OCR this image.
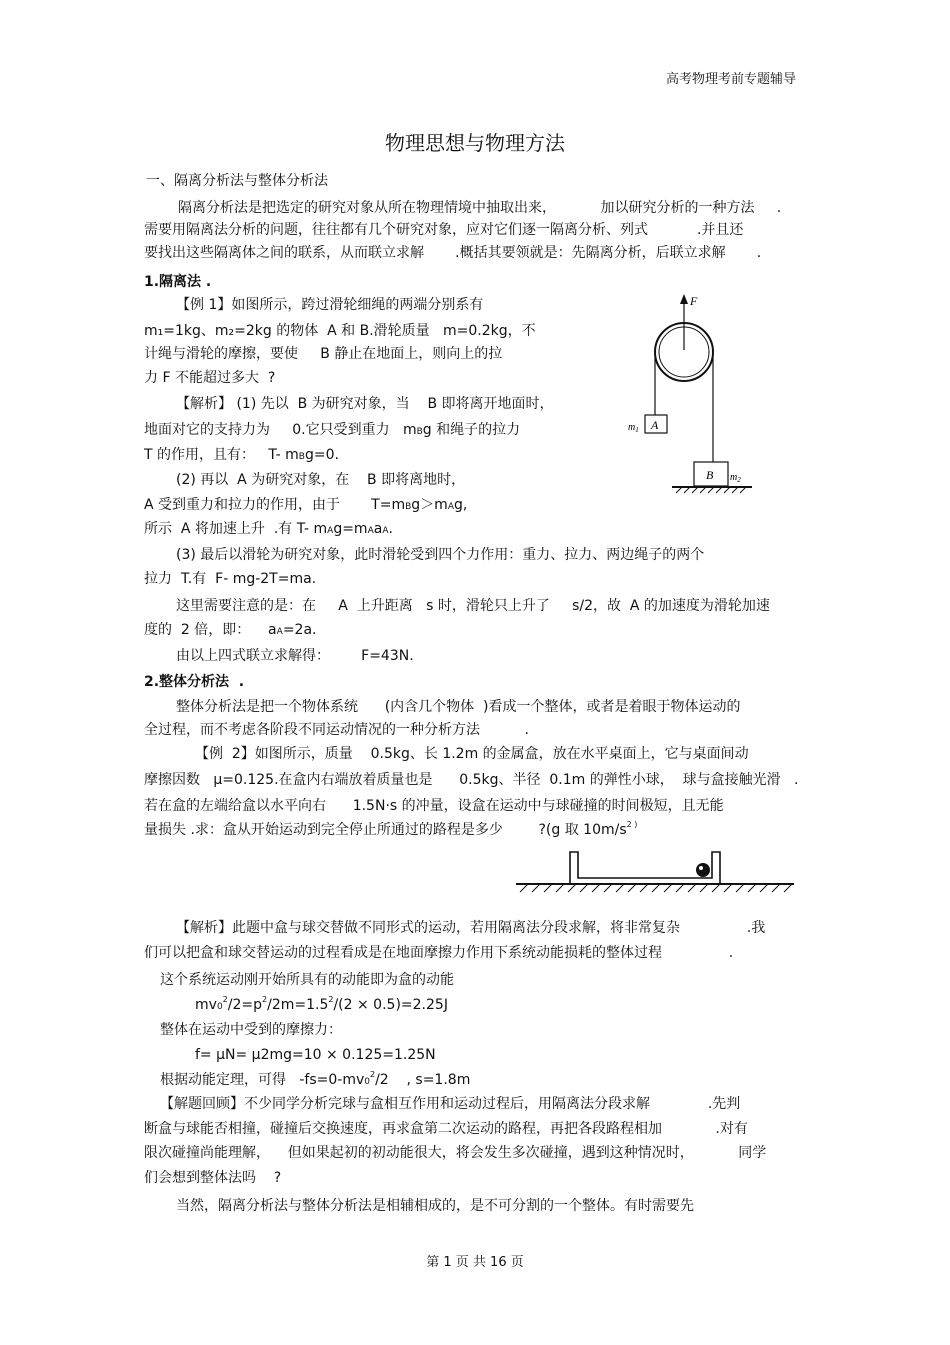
高考物理考前专题辅导
物理思想与物理方法
一、隔离分析法与整体分析法
隔离分析法是把选定的研究对象从所在物理情境中抽取出来，          加以研究分析的一种方法     .
需要用隔离法分析的问题，往往都有几个研究对象，应对它们逐一隔离分析、列式           .并且还
要找出这些隔离体之间的联系，从而联立求解       .概括其要领就是：先隔离分析，后联立求解       .
1.隔离法 .
【例 1】如图所示，跨过滑轮细绳的两端分别系有
m₁=1kg、m₂=2kg 的物体  A 和 B.滑轮质量   m=0.2kg，不
计绳与滑轮的摩擦，要使     B 静止在地面上，则向上的拉
力 F 不能超过多大  ?
【解析】 (1) 先以  B 为研究对象，当    B 即将离开地面时，
地面对它的支持力为     0.它只受到重力   mBg 和绳子的拉力
T 的作用，且有：   T- mBg=0.
(2) 再以  A 为研究对象，在    B 即将离地时，
A 受到重力和拉力的作用，由于       T=mBg＞mAg,
所示  A 将加速上升  .有 T- mAg=mAaA.
(3) 最后以滑轮为研究对象，此时滑轮受到四个力作用：重力、拉力、两边绳子的两个
拉力  T.有  F- mg-2T=ma.
这里需要注意的是：在     A  上升距离   s 时，滑轮只上升了     s/2，故  A 的加速度为滑轮加速
度的  2 倍，即：    aA=2a.
由以上四式联立求解得：       F=43N.
F
A
$m_1$
B $m_2$
2.整体分析法  .
整体分析法是把一个物体系统      (内含几个物体  )看成一个整体，或者是着眼于物体运动的
全过程，而不考虑各阶段不同运动情况的一种分析方法          .
【例  2】如图所示，质量    0.5kg、长 1.2m 的金属盒，放在水平桌面上，它与桌面间动
摩擦因数   μ=0.125.在盒内右端放着质量也是      0.5kg、半径  0.1m 的弹性小球，  球与盒接触光滑   .
若在盒的左端给盒以水平向右      1.5N·s 的冲量，设盒在运动中与球碰撞的时间极短，且无能
量损失 .求：盒从开始运动到完全停止所通过的路程是多少        ?(g 取 $10m/s^{2 )}$
【解析】此题中盒与球交替做不同形式的运动，若用隔离法分段求解，将非常复杂               .我
们可以把盒和球交替运动的过程看成是在地面摩擦力作用下系统动能损耗的整体过程               .
这个系统运动刚开始所具有的动能即为盒的动能
$mv0^2/2=p^2/2m=1.5^2/(2 \times 0.5)=2.25J$
整体在运动中受到的摩擦力：
f= μN= μ2mg=10 × 0.125=1.25N
根据动能定理，可得   $-fs=0-mv0^2/2$    , s=1.8m
【解题回顾】不少同学分析完球与盒相互作用和运动过程后，用隔离法分段求解             .先判
断盒与球能否相撞，碰撞后交换速度，再求盒第二次运动的路程，再把各段路程相加            .对有
限次碰撞尚能理解，    但如果起初的初动能很大，将会发生多次碰撞，遇到这种情况时，          同学
们会想到整体法吗    ?
当然，隔离分析法与整体分析法是相辅相成的，是不可分割的一个整体。有时需要先
第 1 页 共 16 页
